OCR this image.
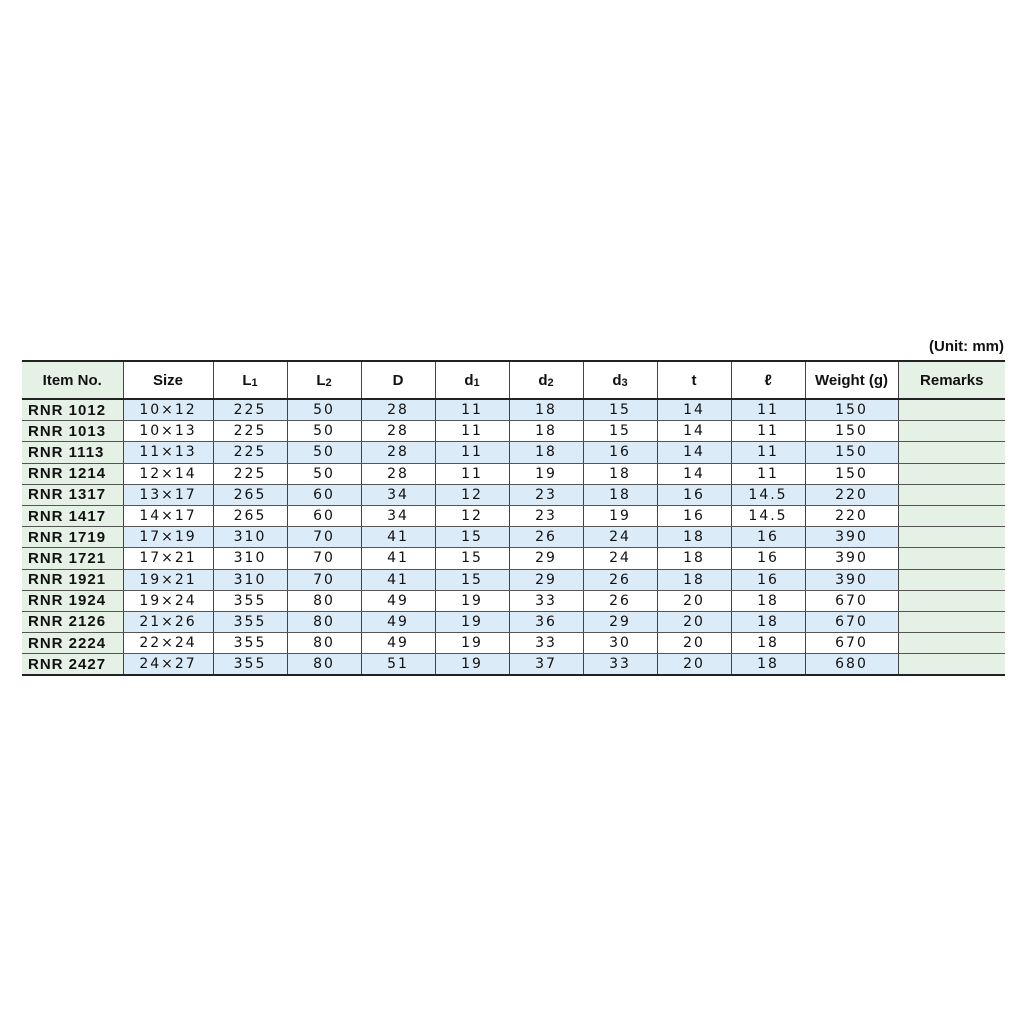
(Unit: mm)
Item No.	Size	$L_1$	$L_2$	D	$d_1$	$d_2$	$d_3$	t	ℓ	Weight (g)	Remarks
RNR 1012	10×12	225	50	28	11	18	15	14	11	150	
RNR 1013	10×13	225	50	28	11	18	15	14	11	150	
RNR 1113	11×13	225	50	28	11	18	16	14	11	150	
RNR 1214	12×14	225	50	28	11	19	18	14	11	150	
RNR 1317	13×17	265	60	34	12	23	18	16	14.5	220	
RNR 1417	14×17	265	60	34	12	23	19	16	14.5	220	
RNR 1719	17×19	310	70	41	15	26	24	18	16	390	
RNR 1721	17×21	310	70	41	15	29	24	18	16	390	
RNR 1921	19×21	310	70	41	15	29	26	18	16	390	
RNR 1924	19×24	355	80	49	19	33	26	20	18	670	
RNR 2126	21×26	355	80	49	19	36	29	20	18	670	
RNR 2224	22×24	355	80	49	19	33	30	20	18	670	
RNR 2427	24×27	355	80	51	19	37	33	20	18	680	
